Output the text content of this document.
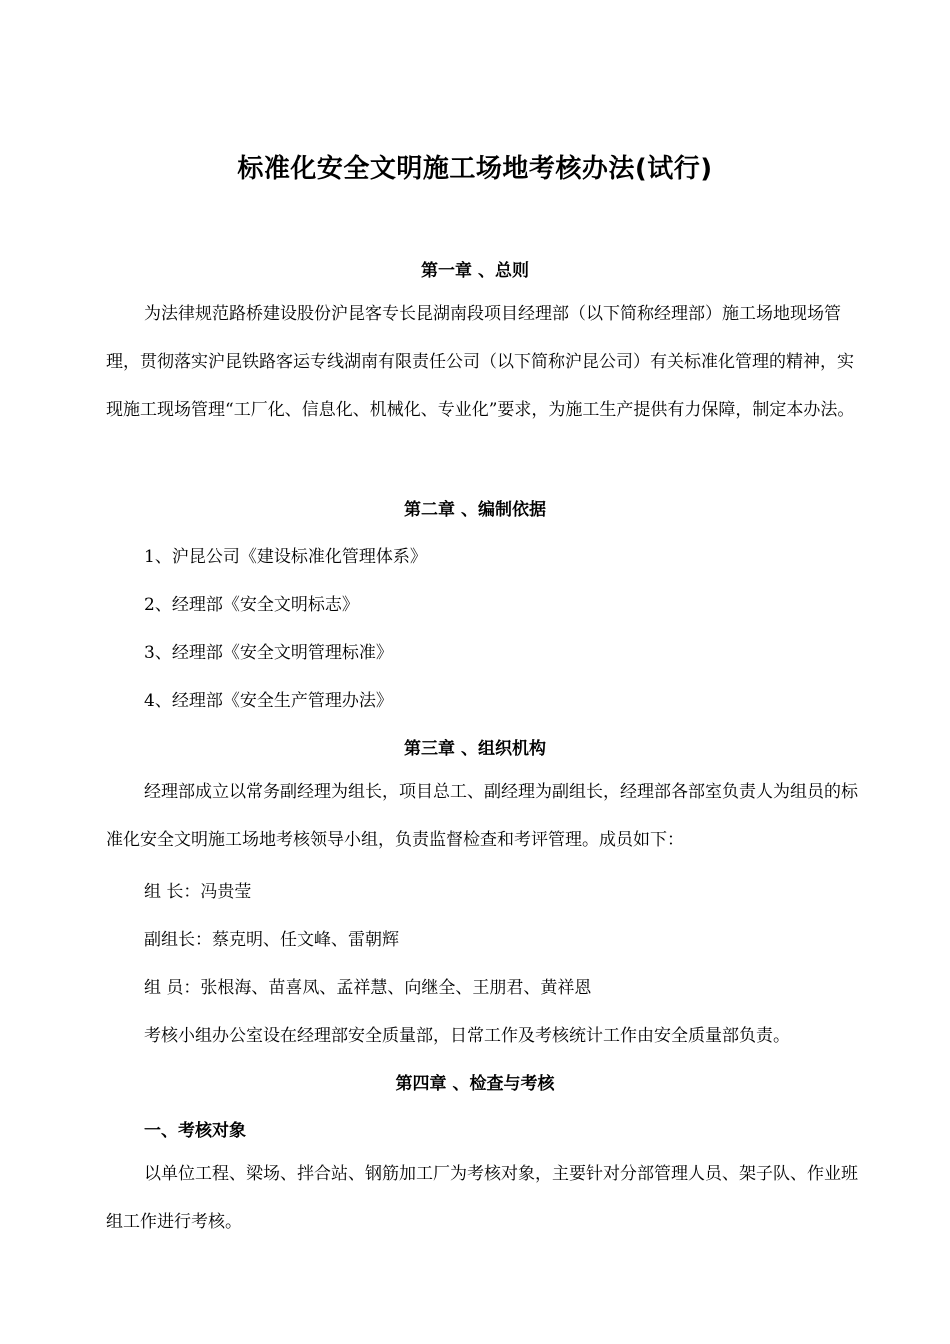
标准化安全文明施工场地考核办法(试行)
第一章 、总则

为法律规范路桥建设股份沪昆客专长昆湖南段项目经理部（以下简称经理部）施工场地现场管理，贯彻落实沪昆铁路客运专线湖南有限责任公司（以下简称沪昆公司）有关标准化管理的精神，实现施工现场管理“工厂化、信息化、机械化、专业化”要求，为施工生产提供有力保障，制定本办法。

第二章 、编制依据
1、沪昆公司《建设标准化管理体系》
2、经理部《安全文明标志》
3、经理部《安全文明管理标准》
4、经理部《安全生产管理办法》
第三章 、组织机构

经理部成立以常务副经理为组长，项目总工、副经理为副组长，经理部各部室负责人为组员的标准化安全文明施工场地考核领导小组，负责监督检查和考评管理。成员如下：

组 长：冯贵莹
副组长：蔡克明、任文峰、雷朝辉
组 员：张根海、苗喜凤、孟祥慧、向继全、王朋君、黄祥恩
考核小组办公室设在经理部安全质量部，日常工作及考核统计工作由安全质量部负责。
第四章 、检查与考核
一、考核对象

以单位工程、梁场、拌合站、钢筋加工厂为考核对象，主要针对分部管理人员、架子队、作业班组工作进行考核。
